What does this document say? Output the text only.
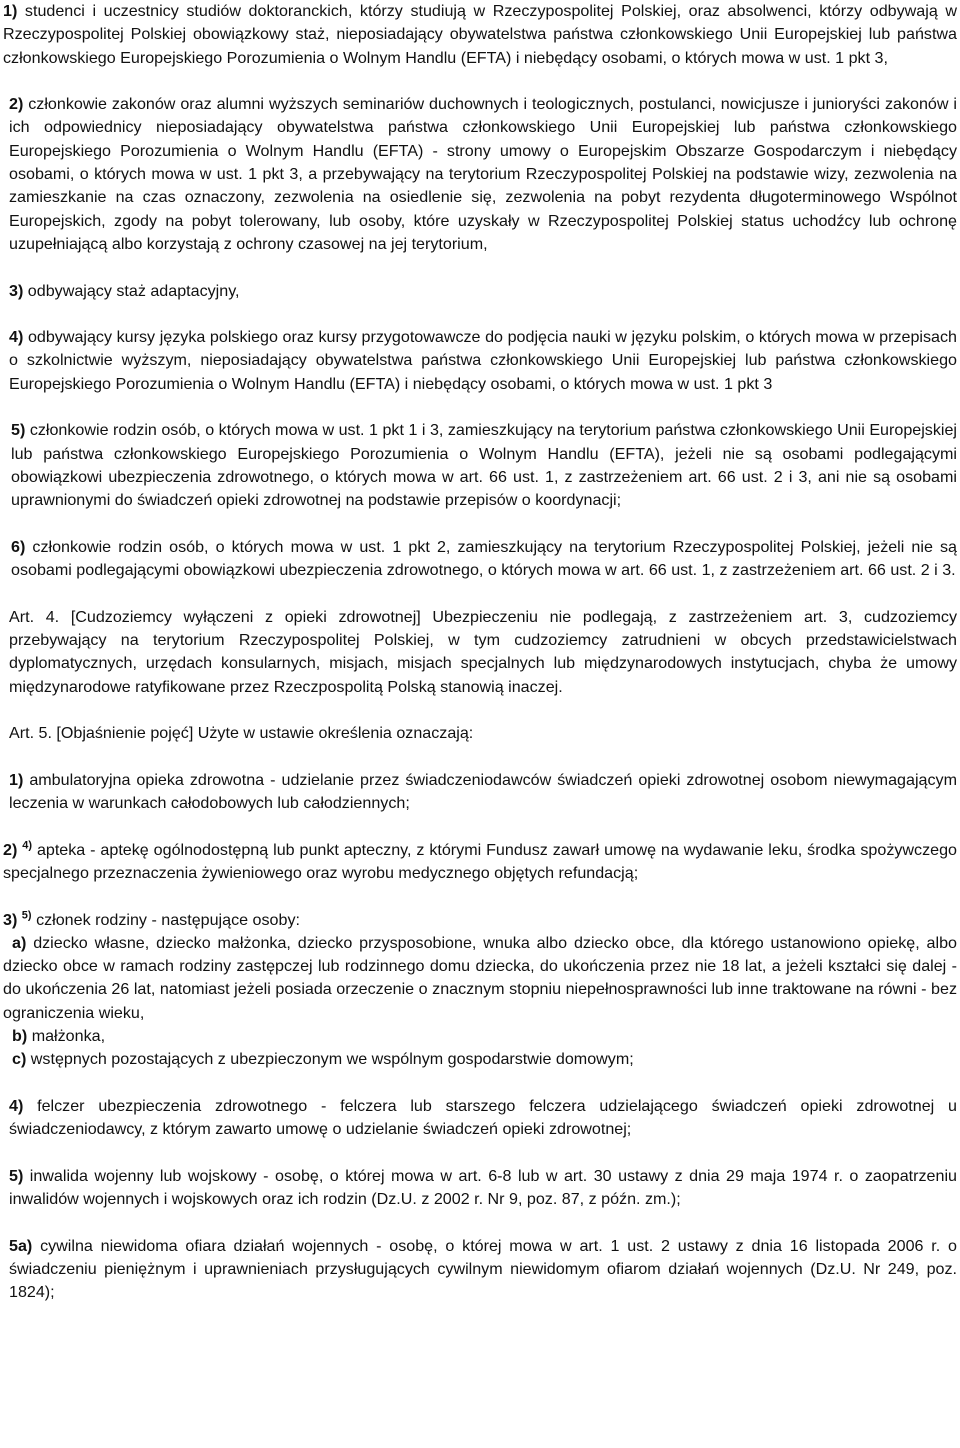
1) studenci i uczestnicy studiów doktoranckich, którzy studiują w Rzeczypospolitej Polskiej, oraz absolwenci, którzy odbywają w Rzeczypospolitej Polskiej obowiązkowy staż, nieposiadający obywatelstwa państwa członkowskiego Unii Europejskiej lub państwa członkowskiego Europejskiego Porozumienia o Wolnym Handlu (EFTA) i niebędący osobami, o których mowa w ust. 1 pkt 3,

2) członkowie zakonów oraz alumni wyższych seminariów duchownych i teologicznych, postulanci, nowicjusze i junioryści zakonów i ich odpowiednicy nieposiadający obywatelstwa państwa członkowskiego Unii Europejskiej lub państwa członkowskiego Europejskiego Porozumienia o Wolnym Handlu (EFTA) - strony umowy o Europejskim Obszarze Gospodarczym i niebędący osobami, o których mowa w ust. 1 pkt 3, a przebywający na terytorium Rzeczypospolitej Polskiej na podstawie wizy, zezwolenia na zamieszkanie na czas oznaczony, zezwolenia na osiedlenie się, zezwolenia na pobyt rezydenta długoterminowego Wspólnot Europejskich, zgody na pobyt tolerowany, lub osoby, które uzyskały w Rzeczypospolitej Polskiej status uchodźcy lub ochronę uzupełniającą albo korzystają z ochrony czasowej na jej terytorium,

3) odbywający staż adaptacyjny,

4) odbywający kursy języka polskiego oraz kursy przygotowawcze do podjęcia nauki w języku polskim, o których mowa w przepisach o szkolnictwie wyższym, nieposiadający obywatelstwa państwa członkowskiego Unii Europejskiej lub państwa członkowskiego Europejskiego Porozumienia o Wolnym Handlu (EFTA) i niebędący osobami, o których mowa w ust. 1 pkt 3

5) członkowie rodzin osób, o których mowa w ust. 1 pkt 1 i 3, zamieszkujący na terytorium państwa członkowskiego Unii Europejskiej lub państwa członkowskiego Europejskiego Porozumienia o Wolnym Handlu (EFTA), jeżeli nie są osobami podlegającymi obowiązkowi ubezpieczenia zdrowotnego, o których mowa w art. 66 ust. 1, z zastrzeżeniem art. 66 ust. 2 i 3, ani nie są osobami uprawnionymi do świadczeń opieki zdrowotnej na podstawie przepisów o koordynacji;

6) członkowie rodzin osób, o których mowa w ust. 1 pkt 2, zamieszkujący na terytorium Rzeczypospolitej Polskiej, jeżeli nie są osobami podlegającymi obowiązkowi ubezpieczenia zdrowotnego, o których mowa w art. 66 ust. 1, z zastrzeżeniem art. 66 ust. 2 i 3.

Art. 4. [Cudzoziemcy wyłączeni z opieki zdrowotnej] Ubezpieczeniu nie podlegają, z zastrzeżeniem art. 3, cudzoziemcy przebywający na terytorium Rzeczypospolitej Polskiej, w tym cudzoziemcy zatrudnieni w obcych przedstawicielstwach dyplomatycznych, urzędach konsularnych, misjach, misjach specjalnych lub międzynarodowych instytucjach, chyba że umowy międzynarodowe ratyfikowane przez Rzeczpospolitą Polską stanowią inaczej.

Art. 5. [Objaśnienie pojęć] Użyte w ustawie określenia oznaczają:

1) ambulatoryjna opieka zdrowotna - udzielanie przez świadczeniodawców świadczeń opieki zdrowotnej osobom niewymagającym leczenia w warunkach całodobowych lub całodziennych;

2) $^{4)}$ apteka - aptekę ogólnodostępną lub punkt apteczny, z którymi Fundusz zawarł umowę na wydawanie leku, środka spożywczego specjalnego przeznaczenia żywieniowego oraz wyrobu medycznego objętych refundacją;

3) $^{5)}$ członek rodziny - następujące osoby:
a) dziecko własne, dziecko małżonka, dziecko przysposobione, wnuka albo dziecko obce, dla którego ustanowiono opiekę, albo dziecko obce w ramach rodziny zastępczej lub rodzinnego domu dziecka, do ukończenia przez nie 18 lat, a jeżeli kształci się dalej - do ukończenia 26 lat, natomiast jeżeli posiada orzeczenie o znacznym stopniu niepełnosprawności lub inne traktowane na równi - bez ograniczenia wieku,
b) małżonka,
c) wstępnych pozostających z ubezpieczonym we wspólnym gospodarstwie domowym;

4) felczer ubezpieczenia zdrowotnego - felczera lub starszego felczera udzielającego świadczeń opieki zdrowotnej u świadczeniodawcy, z którym zawarto umowę o udzielanie świadczeń opieki zdrowotnej;

5) inwalida wojenny lub wojskowy - osobę, o której mowa w art. 6-8 lub w art. 30 ustawy z dnia 29 maja 1974 r. o zaopatrzeniu inwalidów wojennych i wojskowych oraz ich rodzin (Dz.U. z 2002 r. Nr 9, poz. 87, z późn. zm.);

5a) cywilna niewidoma ofiara działań wojennych - osobę, o której mowa w art. 1 ust. 2 ustawy z dnia 16 listopada 2006 r. o świadczeniu pieniężnym i uprawnieniach przysługujących cywilnym niewidomym ofiarom działań wojennych (Dz.U. Nr 249, poz. 1824);
